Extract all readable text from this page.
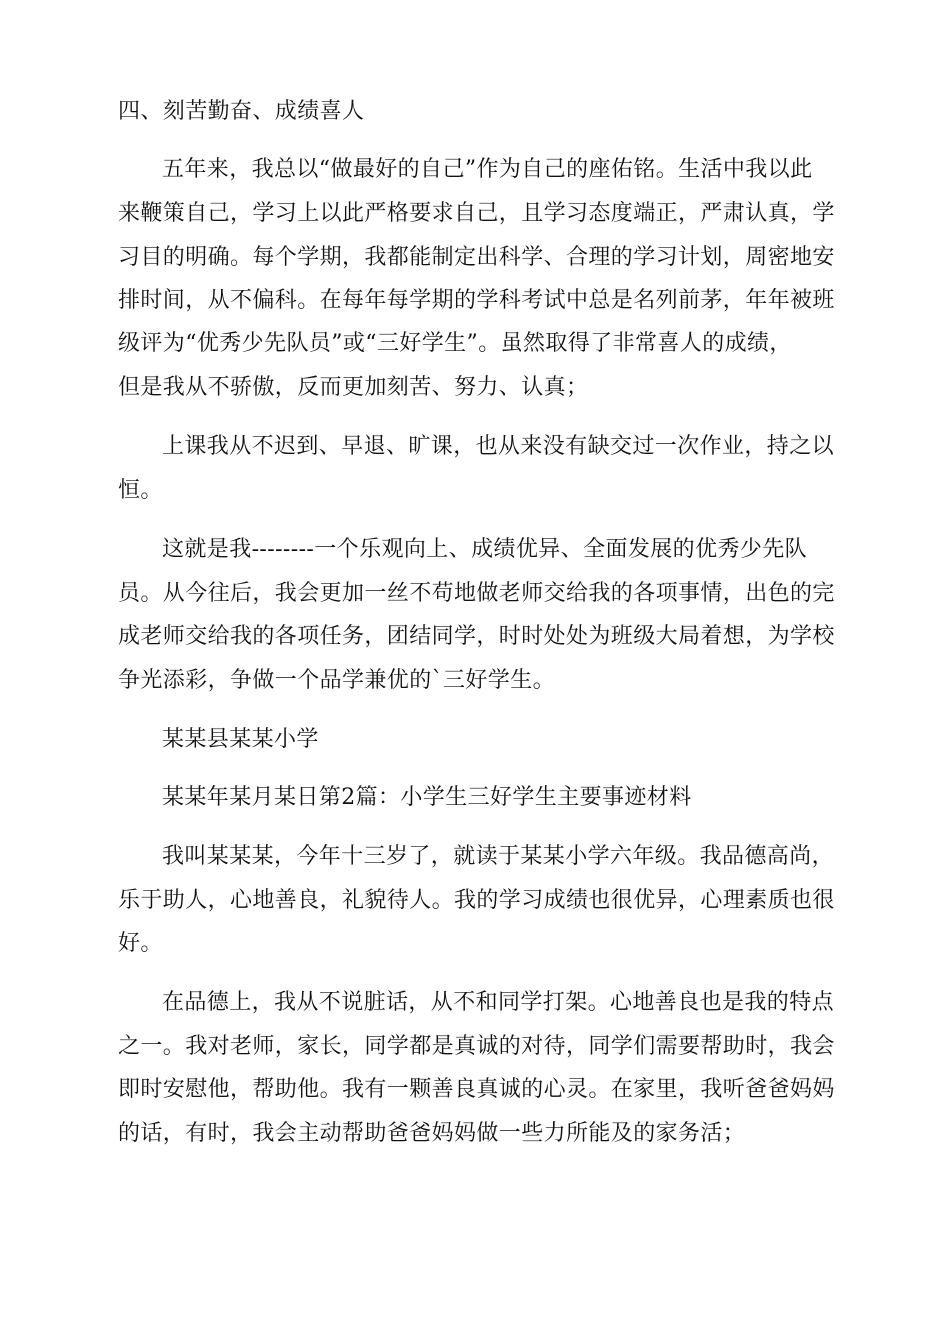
四、刻苦勤奋、成绩喜人
五年来，我总以“做最好的自己”作为自己的座佑铭。生活中我以此
来鞭策自己，学习上以此严格要求自己，且学习态度端正，严肃认真，学
习目的明确。每个学期，我都能制定出科学、合理的学习计划，周密地安
排时间，从不偏科。在每年每学期的学科考试中总是名列前茅，年年被班
级评为“优秀少先队员”或“三好学生”。虽然取得了非常喜人的成绩，
但是我从不骄傲，反而更加刻苦、努力、认真；
上课我从不迟到、早退、旷课，也从来没有缺交过一次作业，持之以
恒。
这就是我--------一个乐观向上、成绩优异、全面发展的优秀少先队
员。从今往后，我会更加一丝不苟地做老师交给我的各项事情，出色的完
成老师交给我的各项任务，团结同学，时时处处为班级大局着想，为学校
争光添彩，争做一个品学兼优的`三好学生。
某某县某某小学
某某年某月某日第2篇：小学生三好学生主要事迹材料
我叫某某某，今年十三岁了，就读于某某小学六年级。我品德高尚，
乐于助人，心地善良，礼貌待人。我的学习成绩也很优异，心理素质也很
好。
在品德上，我从不说脏话，从不和同学打架。心地善良也是我的特点
之一。我对老师，家长，同学都是真诚的对待，同学们需要帮助时，我会
即时安慰他，帮助他。我有一颗善良真诚的心灵。在家里，我听爸爸妈妈
的话，有时，我会主动帮助爸爸妈妈做一些力所能及的家务活；
